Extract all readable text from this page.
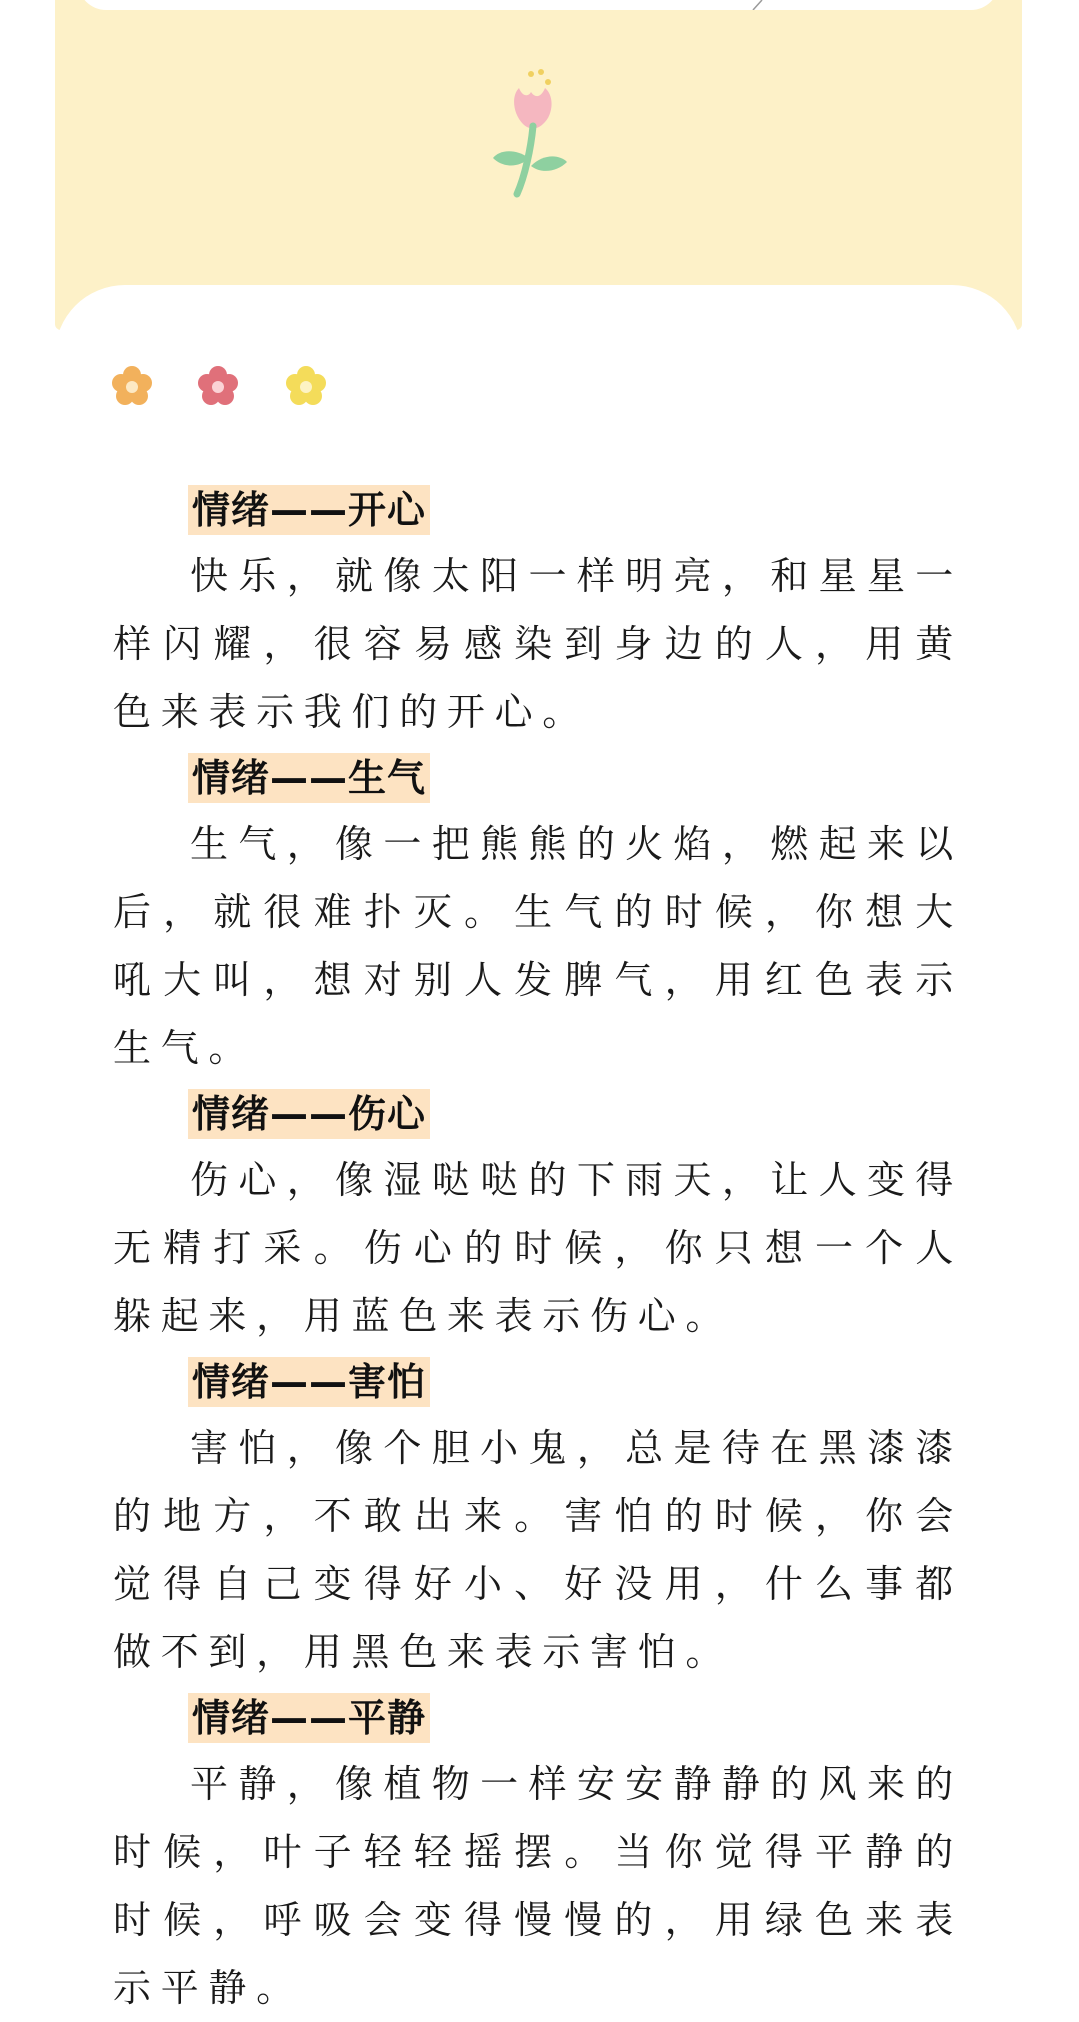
情绪——开心

快乐，就像太阳一样明亮，和星星一样闪耀，很容易感染到身边的人，用黄色来表示我们的开心。

情绪——生气

生气，像一把熊熊的火焰，燃起来以后，就很难扑灭。生气的时候，你想大吼大叫，想对别人发脾气，用红色表示生气。

情绪——伤心

伤心，像湿哒哒的下雨天，让人变得无精打采。伤心的时候，你只想一个人躲起来，用蓝色来表示伤心。

情绪——害怕

害怕，像个胆小鬼，总是待在黑漆漆的地方，不敢出来。害怕的时候，你会觉得自己变得好小、好没用，什么事都做不到，用黑色来表示害怕。

情绪——平静

平静，像植物一样安安静静的风来的时候，叶子轻轻摇摆。当你觉得平静的时候，呼吸会变得慢慢的，用绿色来表示平静。
